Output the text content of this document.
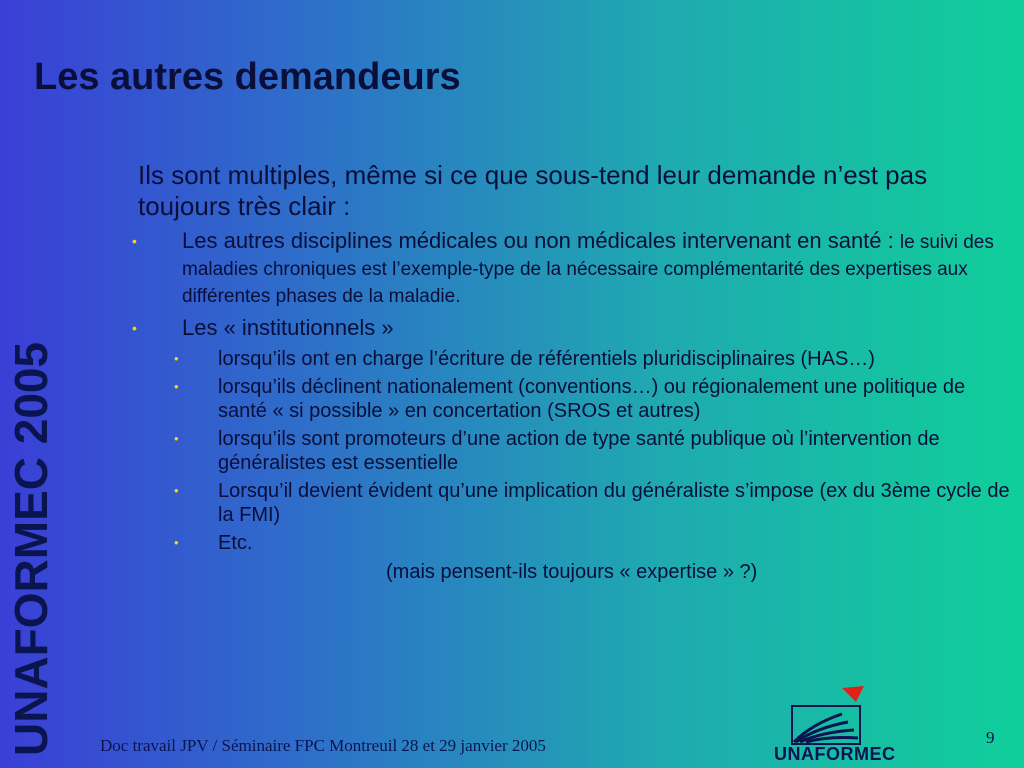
UNAFORMEC 2005
Les autres demandeurs
Ils sont multiples, même si ce que sous-tend leur demande n’est pas toujours très clair :
• Les autres disciplines médicales ou non médicales intervenant en santé : le suivi des maladies chroniques est l’exemple-type de la nécessaire complémentarité des expertises aux différentes phases de la maladie.
• Les « institutionnels »
• lorsqu’ils ont en charge l’écriture de référentiels pluridisciplinaires (HAS…)
• lorsqu’ils déclinent nationalement (conventions…) ou régionalement une politique de santé « si possible » en concertation (SROS et autres)
• lorsqu’ils sont promoteurs d’une action de type santé publique où l’intervention de généralistes est essentielle
• Lorsqu’il devient évident qu’une implication du généraliste s’impose (ex du 3ème cycle de la FMI)
• Etc.
(mais pensent-ils toujours « expertise » ?)
Doc travail JPV / Séminaire FPC Montreuil 28 et 29 janvier 2005	9
UNAFORMEC
